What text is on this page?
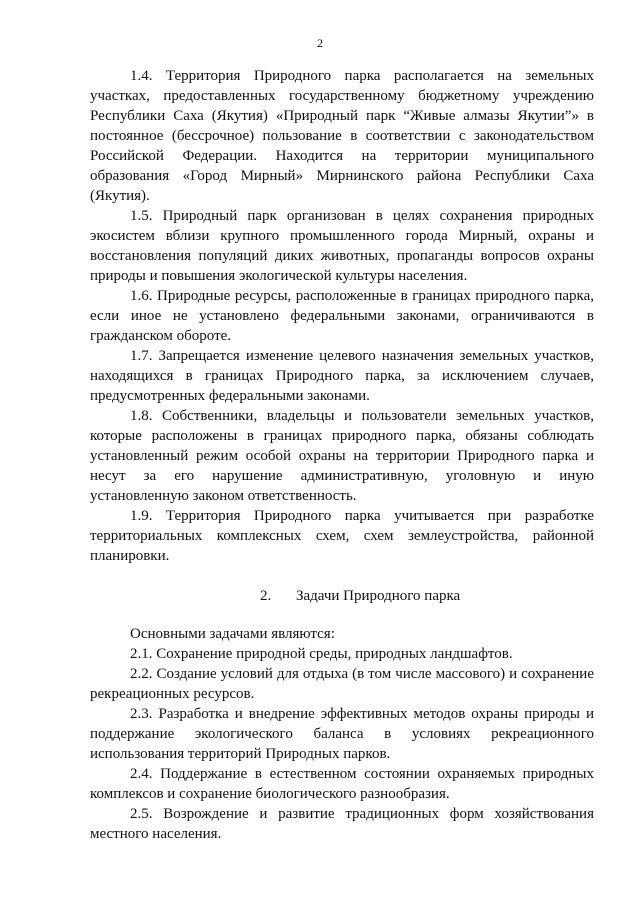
2

1.4. Территория Природного парка располагается на земельных участках, предоставленных государственному бюджетному учреждению Республики Саха (Якутия) «Природный парк “Живые алмазы Якутии”» в постоянное (бессрочное) пользование в соответствии с законодательством Российской Федерации. Находится на территории муниципального образования «Город Мирный» Мирнинского района Республики Саха (Якутия).

1.5. Природный парк организован в целях сохранения природных экосистем вблизи крупного промышленного города Мирный, охраны и восстановления популяций диких животных, пропаганды вопросов охраны природы и повышения экологической культуры населения.

1.6. Природные ресурсы, расположенные в границах природного парка, если иное не установлено федеральными законами, ограничиваются в гражданском обороте.

1.7. Запрещается изменение целевого назначения земельных участков, находящихся в границах Природного парка, за исключением случаев, предусмотренных федеральными законами.

1.8. Собственники, владельцы и пользователи земельных участков, которые расположены в границах природного парка, обязаны соблюдать установленный режим особой охраны на территории Природного парка и несут за его нарушение административную, уголовную и иную установленную законом ответственность.

1.9. Территория Природного парка учитывается при разработке территориальных комплексных схем, схем землеустройства, районной планировки.

2. Задачи Природного парка

Основными задачами являются:

2.1. Сохранение природной среды, природных ландшафтов.

2.2. Создание условий для отдыха (в том числе массового) и сохранение рекреационных ресурсов.

2.3. Разработка и внедрение эффективных методов охраны природы и поддержание экологического баланса в условиях рекреационного использования территорий Природных парков.

2.4. Поддержание в естественном состоянии охраняемых природных комплексов и сохранение биологического разнообразия.

2.5. Возрождение и развитие традиционных форм хозяйствования местного населения.
